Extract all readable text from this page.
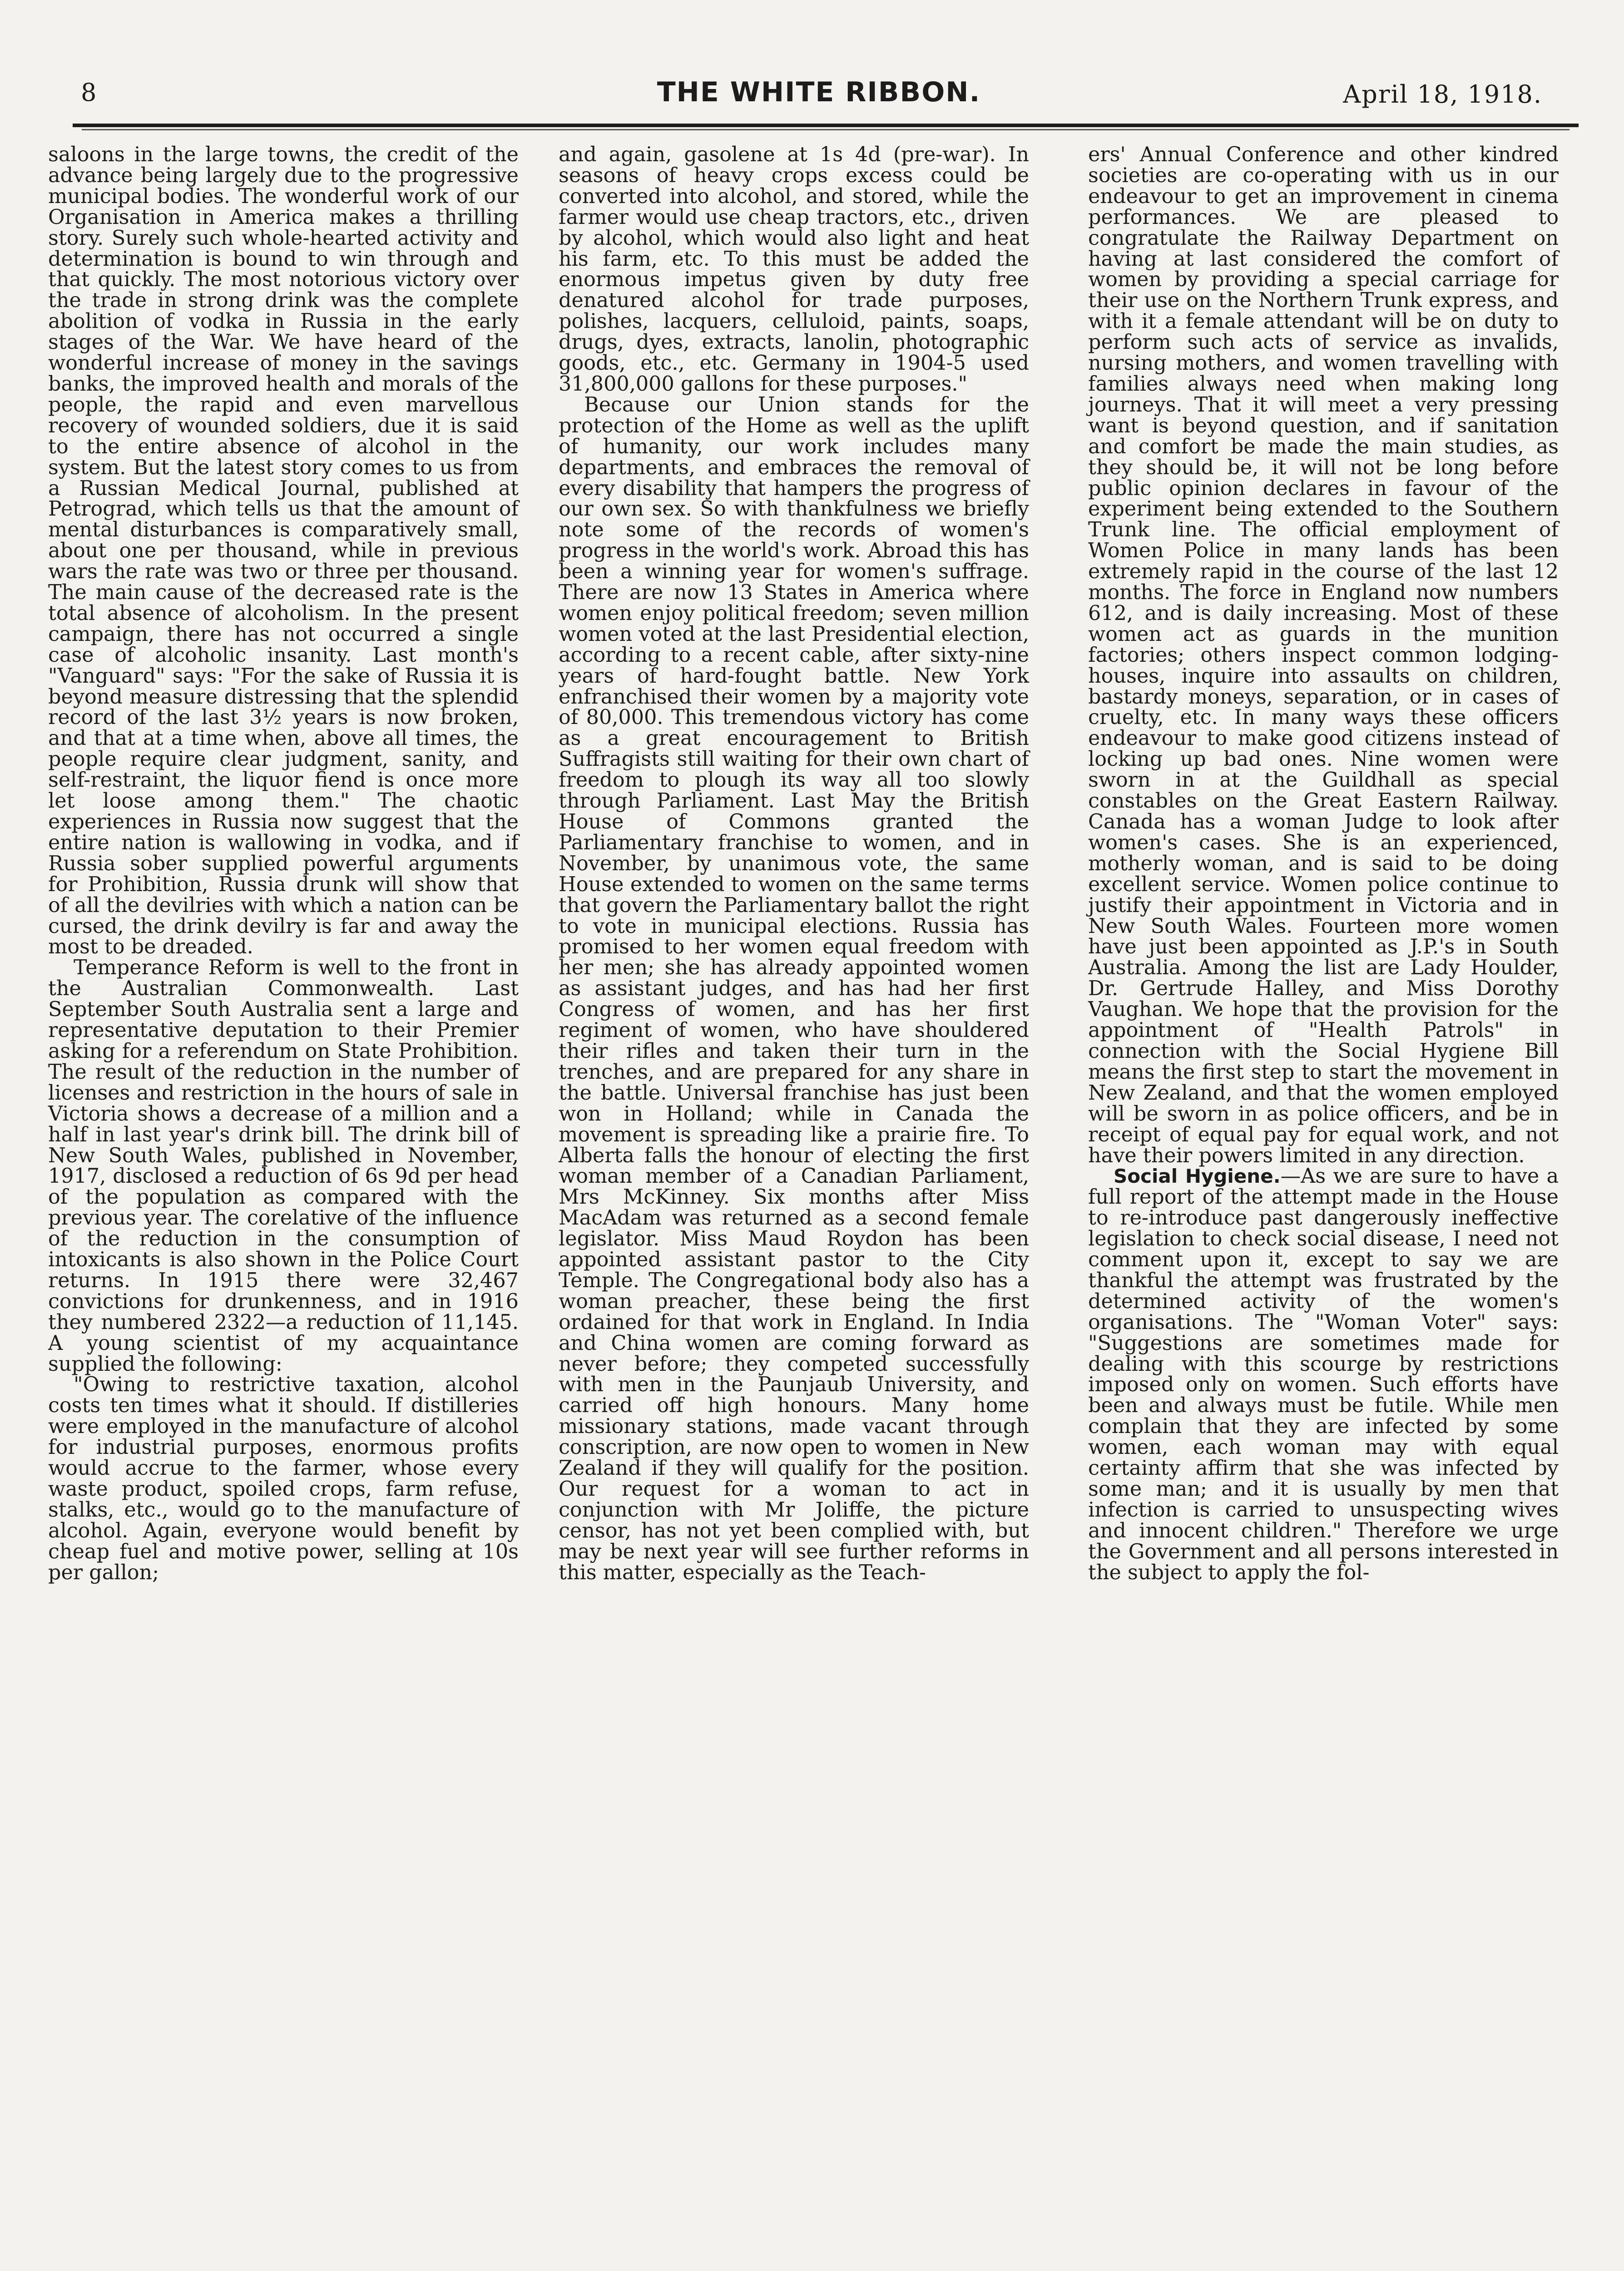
8	THE WHITE RIBBON.	April 18, 1918.

saloons in the large towns, the credit of the advance being largely due to the progressive municipal bodies. The wonderful work of our Organisation in America makes a thrilling story. Surely such whole-hearted activity and determination is bound to win through and that quickly. The most notorious victory over the trade in strong drink was the complete abolition of vodka in Russia in the early stages of the War. We have heard of the wonderful increase of money in the savings banks, the improved health and morals of the people, the rapid and even marvellous recovery of wounded soldiers, due it is said to the entire absence of alcohol in the system. But the latest story comes to us from a Russian Medical Journal, published at Petrograd, which tells us that the amount of mental disturbances is comparatively small, about one per thousand, while in previous wars the rate was two or three per thousand. The main cause of the decreased rate is the total absence of alcoholism. In the present campaign, there has not occurred a single case of alcoholic insanity. Last month's "Vanguard" says: "For the sake of Russia it is beyond measure distressing that the splendid record of the last 3½ years is now broken, and that at a time when, above all times, the people require clear judgment, sanity, and self-restraint, the liquor fiend is once more let loose among them." The chaotic experiences in Russia now suggest that the entire nation is wallowing in vodka, and if Russia sober supplied powerful arguments for Prohibition, Russia drunk will show that of all the devilries with which a nation can be cursed, the drink devilry is far and away the most to be dreaded.

Temperance Reform is well to the front in the Australian Commonwealth. Last September South Australia sent a large and representative deputation to their Premier asking for a referendum on State Prohibition. The result of the reduction in the number of licenses and restriction in the hours of sale in Victoria shows a decrease of a million and a half in last year's drink bill. The drink bill of New South Wales, published in November, 1917, disclosed a reduction of 6s 9d per head of the population as compared with the previous year. The corelative of the influence of the reduction in the consumption of intoxicants is also shown in the Police Court returns. In 1915 there were 32,467 convictions for drunkenness, and in 1916 they numbered 2322—a reduction of 11,145. A young scientist of my acquaintance supplied the following:

"Owing to restrictive taxation, alcohol costs ten times what it should. If distilleries were employed in the manufacture of alcohol for industrial purposes, enormous profits would accrue to the farmer, whose every waste product, spoiled crops, farm refuse, stalks, etc., would go to the manufacture of alcohol. Again, everyone would benefit by cheap fuel and motive power, selling at 10s per gallon;

and again, gasolene at 1s 4d (pre-war). In seasons of heavy crops excess could be converted into alcohol, and stored, while the farmer would use cheap tractors, etc., driven by alcohol, which would also light and heat his farm, etc. To this must be added the enormous impetus given by duty free denatured alcohol for trade purposes, polishes, lacquers, celluloid, paints, soaps, drugs, dyes, extracts, lanolin, photographic goods, etc., etc. Germany in 1904-5 used 31,800,000 gallons for these purposes."

Because our Union stands for the protection of the Home as well as the uplift of humanity, our work includes many departments, and embraces the removal of every disability that hampers the progress of our own sex. So with thankfulness we briefly note some of the records of women's progress in the world's work. Abroad this has been a winning year for women's suffrage. There are now 13 States in America where women enjoy political freedom; seven million women voted at the last Presidential election, according to a recent cable, after sixty-nine years of hard-fought battle. New York enfranchised their women by a majority vote of 80,000. This tremendous victory has come as a great encouragement to British Suffragists still waiting for their own chart of freedom to plough its way all too slowly through Parliament. Last May the British House of Commons granted the Parliamentary franchise to women, and in November, by unanimous vote, the same House extended to women on the same terms that govern the Parliamentary ballot the right to vote in municipal elections. Russia has promised to her women equal freedom with her men; she has already appointed women as assistant judges, and has had her first Congress of women, and has her first regiment of women, who have shouldered their rifles and taken their turn in the trenches, and are prepared for any share in the battle. Universal franchise has just been won in Holland; while in Canada the movement is spreading like a prairie fire. To Alberta falls the honour of electing the first woman member of a Canadian Parliament, Mrs McKinney. Six months after Miss MacAdam was returned as a second female legislator. Miss Maud Roydon has been appointed assistant pastor to the City Temple. The Congregational body also has a woman preacher, these being the first ordained for that work in England. In India and China women are coming forward as never before; they competed successfully with men in the Paunjaub University, and carried off high honours. Many home missionary stations, made vacant through conscription, are now open to women in New Zealand if they will qualify for the position. Our request for a woman to act in conjunction with Mr Joliffe, the picture censor, has not yet been complied with, but may be next year will see further reforms in this matter, especially as the Teach-

ers' Annual Conference and other kindred societies are co-operating with us in our endeavour to get an improvement in cinema performances. We are pleased to congratulate the Railway Department on having at last considered the comfort of women by providing a special carriage for their use on the Northern Trunk express, and with it a female attendant will be on duty to perform such acts of service as invalids, nursing mothers, and women travelling with families always need when making long journeys. That it will meet a very pressing want is beyond question, and if sanitation and comfort be made the main studies, as they should be, it will not be long before public opinion declares in favour of the experiment being extended to the Southern Trunk line. The official employment of Women Police in many lands has been extremely rapid in the course of the last 12 months. The force in England now numbers 612, and is daily increasing. Most of these women act as guards in the munition factories; others inspect common lodging-houses, inquire into assaults on children, bastardy moneys, separation, or in cases of cruelty, etc. In many ways these officers endeavour to make good citizens instead of locking up bad ones. Nine women were sworn in at the Guildhall as special constables on the Great Eastern Railway. Canada has a woman Judge to look after women's cases. She is an experienced, motherly woman, and is said to be doing excellent service. Women police continue to justify their appointment in Victoria and in New South Wales. Fourteen more women have just been appointed as J.P.'s in South Australia. Among the list are Lady Houlder, Dr. Gertrude Halley, and Miss Dorothy Vaughan. We hope that the provision for the appointment of "Health Patrols" in connection with the Social Hygiene Bill means the first step to start the movement in New Zealand, and that the women employed will be sworn in as police officers, and be in receipt of equal pay for equal work, and not have their powers limited in any direction.

Social Hygiene.—As we are sure to have a full report of the attempt made in the House to re-introduce past dangerously ineffective legislation to check social disease, I need not comment upon it, except to say we are thankful the attempt was frustrated by the determined activity of the women's organisations. The "Woman Voter" says: "Suggestions are sometimes made for dealing with this scourge by restrictions imposed only on women. Such efforts have been and always must be futile. While men complain that they are infected by some women, each woman may with equal certainty affirm that she was infected by some man; and it is usually by men that infection is carried to unsuspecting wives and innocent children." Therefore we urge the Government and all persons interested in the subject to apply the fol-
